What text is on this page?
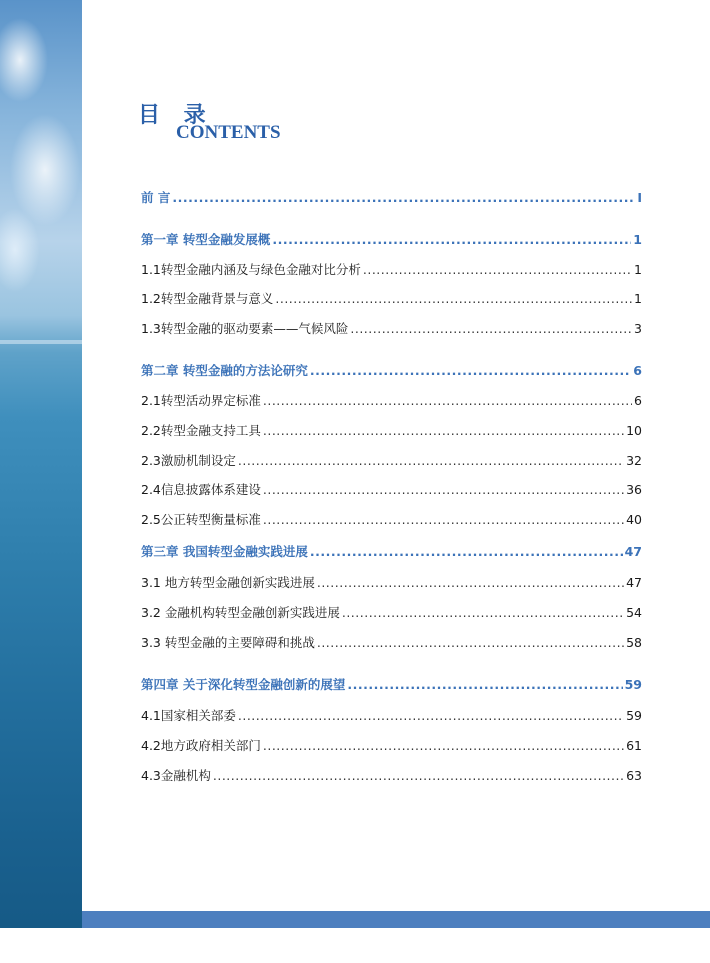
目 录
CONTENTS
前 言 .....	I
第一章 转型金融发展概 .....	1
1.1转型金融内涵及与绿色金融对比分析 .....	1
1.2转型金融背景与意义 .....	1
1.3转型金融的驱动要素——气候风险 .....	3
第二章 转型金融的方法论研究 .....	6
2.1转型活动界定标准 .....	6
2.2转型金融支持工具 .....	10
2.3激励机制设定 .....	32
2.4信息披露体系建设 .....	36
2.5公正转型衡量标准 .....	40
第三章 我国转型金融实践进展 .....	47
3.1 地方转型金融创新实践进展 .....	47
3.2 金融机构转型金融创新实践进展 .....	54
3.3 转型金融的主要障碍和挑战 .....	58
第四章 关于深化转型金融创新的展望 .....	59
4.1国家相关部委 .....	59
4.2地方政府相关部门 .....	61
4.3金融机构 .....	63
